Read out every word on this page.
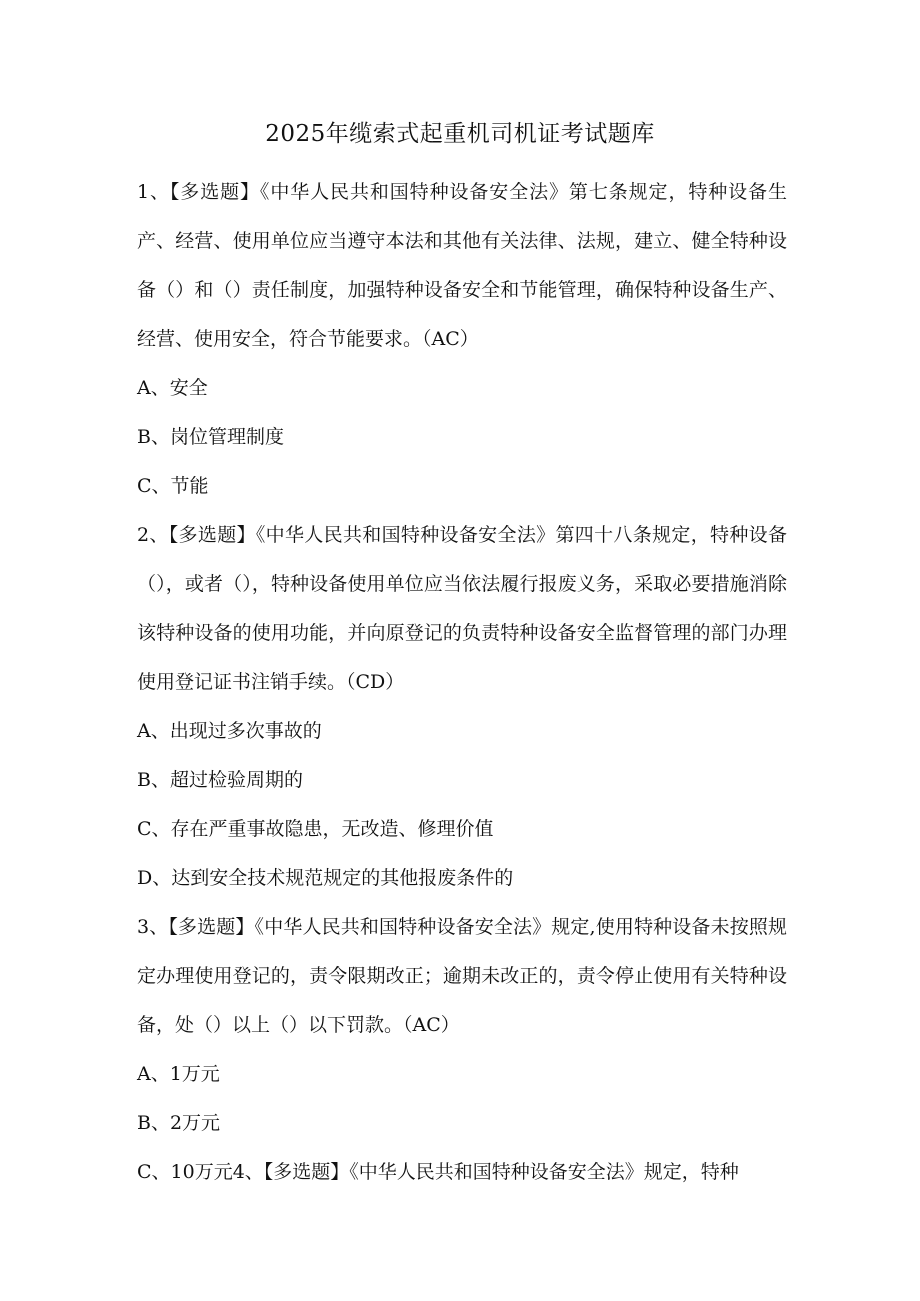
2025年缆索式起重机司机证考试题库

1、【多选题】《中华人民共和国特种设备安全法》第七条规定，特种设备生产、经营、使用单位应当遵守本法和其他有关法律、法规，建立、健全特种设备（）和（）责任制度，加强特种设备安全和节能管理，确保特种设备生产、经营、使用安全，符合节能要求。（AC）

A、安全

B、岗位管理制度

C、节能

2、【多选题】《中华人民共和国特种设备安全法》第四十八条规定，特种设备（），或者（），特种设备使用单位应当依法履行报废义务，采取必要措施消除该特种设备的使用功能，并向原登记的负责特种设备安全监督管理的部门办理使用登记证书注销手续。（CD）

A、出现过多次事故的

B、超过检验周期的

C、存在严重事故隐患，无改造、修理价值

D、达到安全技术规范规定的其他报废条件的

3、【多选题】《中华人民共和国特种设备安全法》规定,使用特种设备未按照规定办理使用登记的，责令限期改正；逾期未改正的，责令停止使用有关特种设备，处（）以上（）以下罚款。（AC）

A、1万元

B、2万元

C、10万元4、【多选题】《中华人民共和国特种设备安全法》规定，特种
